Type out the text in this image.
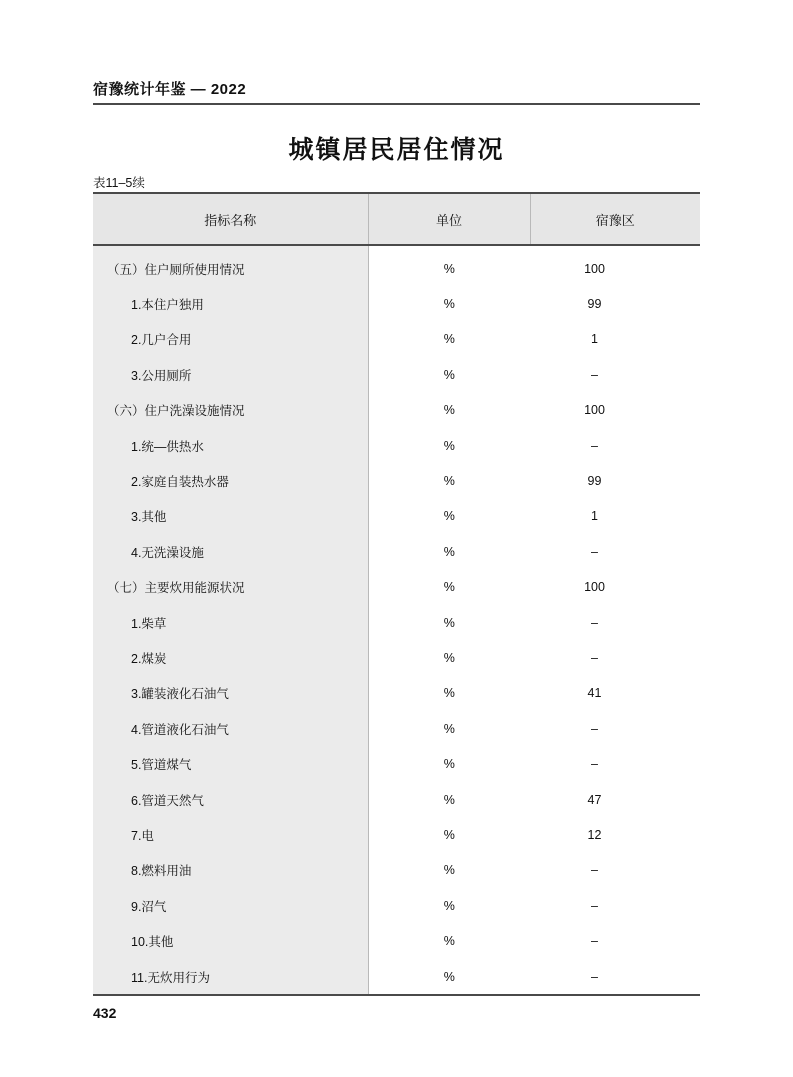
宿豫统计年鉴 — 2022
城镇居民居住情况
表11–5续
指标名称	单位	宿豫区
（五）住户厕所使用情况	%	100
1.本住户独用	%	99
2.几户合用	%	1
3.公用厕所	%	–
（六）住户洗澡设施情况	%	100
1.统—供热水	%	–
2.家庭自装热水器	%	99
3.其他	%	1
4.无洗澡设施	%	–
（七）主要炊用能源状况	%	100
1.柴草	%	–
2.煤炭	%	–
3.罐装液化石油气	%	41
4.管道液化石油气	%	–
5.管道煤气	%	–
6.管道天然气	%	47
7.电	%	12
8.燃料用油	%	–
9.沼气	%	–
10.其他	%	–
11.无炊用行为	%	–
432
